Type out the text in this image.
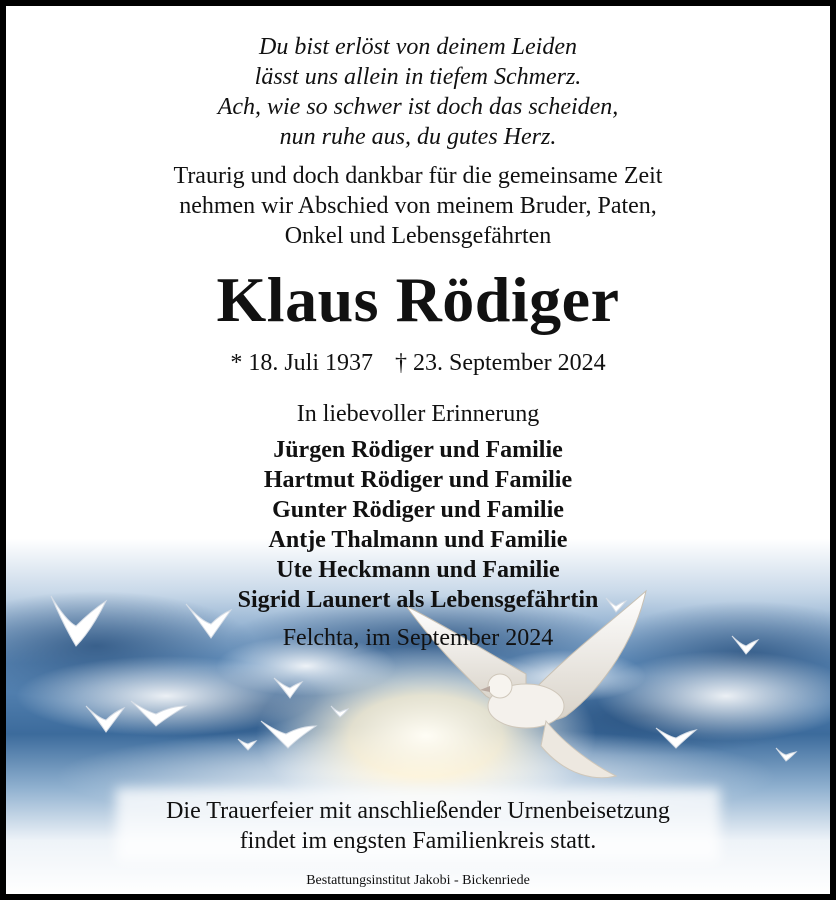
Du bist erlöst von deinem Leiden
lässt uns allein in tiefem Schmerz.
Ach, wie so schwer ist doch das scheiden,
nun ruhe aus, du gutes Herz.
Traurig und doch dankbar für die gemeinsame Zeit
nehmen wir Abschied von meinem Bruder, Paten,
Onkel und Lebensgefährten
Klaus Rödiger
* 18. Juli 1937 † 23. September 2024
In liebevoller Erinnerung
Jürgen Rödiger und Familie
Hartmut Rödiger und Familie
Gunter Rödiger und Familie
Antje Thalmann und Familie
Ute Heckmann und Familie
Sigrid Launert als Lebensgefährtin
Felchta, im September 2024
Die Trauerfeier mit anschließender Urnenbeisetzung
findet im engsten Familienkreis statt.
Bestattungsinstitut Jakobi - Bickenriede
